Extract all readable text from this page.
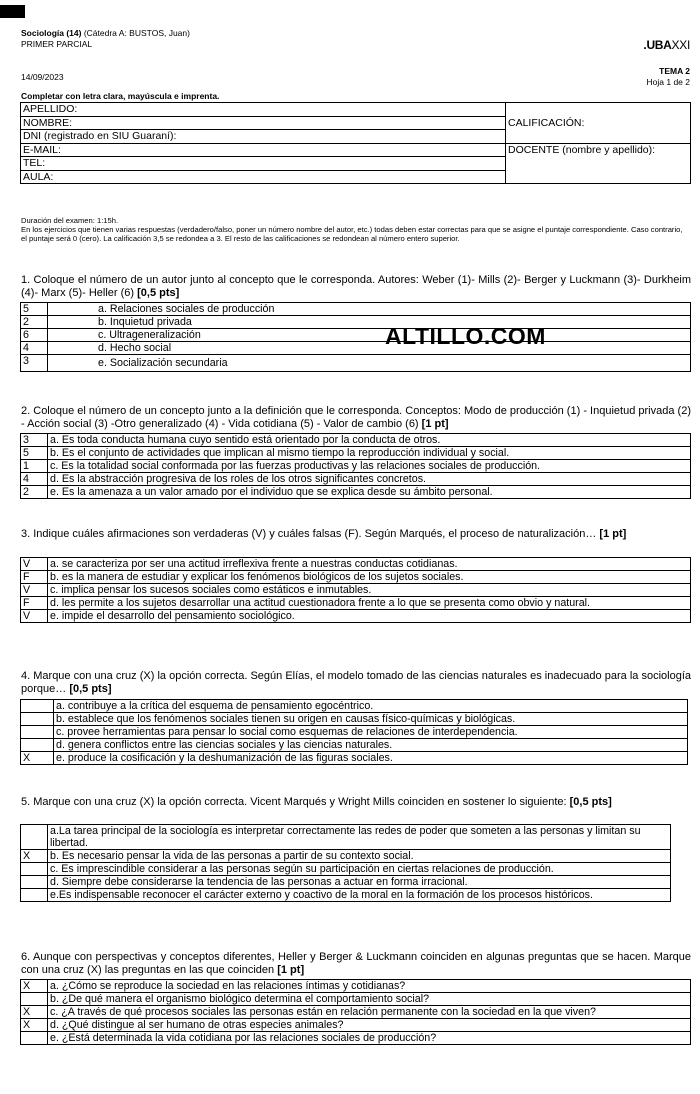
Sociología (14) (Cátedra A: BUSTOS, Juan)
PRIMER PARCIAL	.UBAXXI
14/09/2023
TEMA 2
Hoja 1 de 2
Completar con letra clara, mayúscula e imprenta.
APELLIDO:	CALIFICACIÓN:
NOMBRE:	
DNI (registrado en SIU Guaraní):	
E-MAIL:	DOCENTE (nombre y apellido):
TEL:	
AULA:	
Duración del examen: 1:15h.
En los ejercicios que tienen varias respuestas (verdadero/falso, poner un número nombre del autor, etc.) todas deben estar correctas para que se asigne el puntaje correspondiente. Caso contrario, el puntaje será 0 (cero). La calificación 3,5 se redondea a 3. El resto de las calificaciones se redondean al número entero superior.
1. Coloque el número de un autor junto al concepto que le corresponda. Autores: Weber (1)- Mills (2)- Berger y Luckmann (3)- Durkheim (4)- Marx (5)- Heller (6) [0,5 pts]
5	a. Relaciones sociales de producción
2	b. Inquietud privada
6	c. Ultrageneralización
4	d. Hecho social
3	e. Socialización secundaria
ALTILLO.COM
2. Coloque el número de un concepto junto a la definición que le corresponda. Conceptos: Modo de producción (1) - Inquietud privada (2) - Acción social (3) -Otro generalizado (4) - Vida cotidiana (5) - Valor de cambio (6) [1 pt]
3	a. Es toda conducta humana cuyo sentido está orientado por la conducta de otros.
5	b. Es el conjunto de actividades que implican al mismo tiempo la reproducción individual y social.
1	c. Es la totalidad social conformada por las fuerzas productivas y las relaciones sociales de producción.
4	d. Es la abstracción progresiva de los roles de los otros significantes concretos.
2	e. Es la amenaza a un valor amado por el individuo que se explica desde su ámbito personal.
3. Indique cuáles afirmaciones son verdaderas (V) y cuáles falsas (F). Según Marqués, el proceso de naturalización… [1 pt]
V	a. se caracteriza por ser una actitud irreflexiva frente a nuestras conductas cotidianas.
F	b. es la manera de estudiar y explicar los fenómenos biológicos de los sujetos sociales.
V	c. implica pensar los sucesos sociales como estáticos e inmutables.
F	d. les permite a los sujetos desarrollar una actitud cuestionadora frente a lo que se presenta como obvio y natural.
V	e. impide el desarrollo del pensamiento sociológico.
4. Marque con una cruz (X) la opción correcta. Según Elías, el modelo tomado de las ciencias naturales es inadecuado para la sociología porque… [0,5 pts]
	a. contribuye a la crítica del esquema de pensamiento egocéntrico.
	b. establece que los fenómenos sociales tienen su origen en causas físico-químicas y biológicas.
	c. provee herramientas para pensar lo social como esquemas de relaciones de interdependencia.
	d. genera conflictos entre las ciencias sociales y las ciencias naturales.
X	e. produce la cosificación y la deshumanización de las figuras sociales.
5. Marque con una cruz (X) la opción correcta. Vicent Marqués y Wright Mills coinciden en sostener lo siguiente: [0,5 pts]
	a.La tarea principal de la sociología es interpretar correctamente las redes de poder que someten a las personas y limitan su libertad.
X	b. Es necesario pensar la vida de las personas a partir de su contexto social.
	c. Es imprescindible considerar a las personas según su participación en ciertas relaciones de producción.
	d. Siempre debe considerarse la tendencia de las personas a actuar en forma irracional.
	e.Es indispensable reconocer el carácter externo y coactivo de la moral en la formación de los procesos históricos.
6. Aunque con perspectivas y conceptos diferentes, Heller y Berger & Luckmann coinciden en algunas preguntas que se hacen. Marque con una cruz (X) las preguntas en las que coinciden [1 pt]
X	a. ¿Cómo se reproduce la sociedad en las relaciones íntimas y cotidianas?
	b. ¿De qué manera el organismo biológico determina el comportamiento social?
X	c. ¿A través de qué procesos sociales las personas están en relación permanente con la sociedad en la que viven?
X	d. ¿Qué distingue al ser humano de otras especies animales?
	e. ¿Está determinada la vida cotidiana por las relaciones sociales de producción?
